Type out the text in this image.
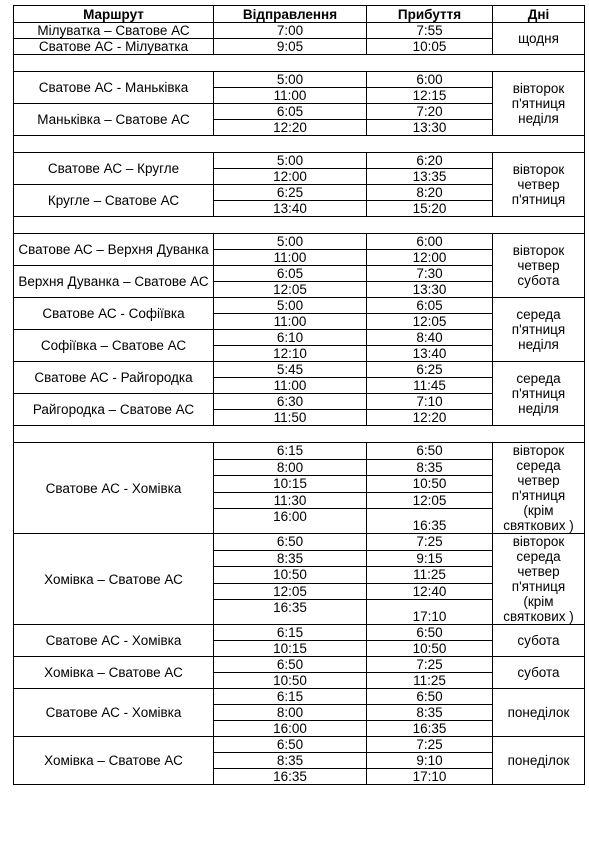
Маршрут	Відправлення	Прибуття	Дні
Мілуватка – Сватове АС	7:00	7:55	щодня
Сватове АС - Мілуватка	9:05	10:05	

Сватове АС - Маньківка	5:00	6:00	вівторок п'ятниця неділя
	11:00	12:15	
Маньківка – Сватове АС	6:05	7:20	
	12:20	13:30	

Сватове АС – Кругле	5:00	6:20	вівторок четвер п'ятниця
	12:00	13:35	
Кругле – Сватове АС	6:25	8:20	
	13:40	15:20	

Сватове АС – Верхня Дуванка	5:00	6:00	вівторок четвер субота
	11:00	12:00	
Верхня Дуванка – Сватове АС	6:05	7:30	
	12:05	13:30	
Сватове АС - Софіївка	5:00	6:05	середа п'ятниця неділя
	11:00	12:05	
Софіївка – Сватове АС	6:10	8:40	
	12:10	13:40	
Сватове АС - Райгородка	5:45	6:25	середа п'ятниця неділя
	11:00	11:45	
Райгородка – Сватове АС	6:30	7:10	
	11:50	12:20	

Сватове АС - Хомівка	6:15	6:50	вівторок середа четвер п'ятниця (крім святкових )
	8:00	8:35	
	10:15	10:50	
	11:30	12:05	
	16:00	16:35	
Хомівка – Сватове АС	6:50	7:25	вівторок середа четвер п'ятниця (крім святкових )
	8:35	9:15	
	10:50	11:25	
	12:05	12:40	
	16:35	17:10	
Сватове АС - Хомівка	6:15	6:50	субота
	10:15	10:50	
Хомівка – Сватове АС	6:50	7:25	субота
	10:50	11:25	
Сватове АС - Хомівка	6:15	6:50	понеділок
	8:00	8:35	
	16:00	16:35	
Хомівка – Сватове АС	6:50	7:25	понеділок
	8:35	9:10	
	16:35	17:10	
